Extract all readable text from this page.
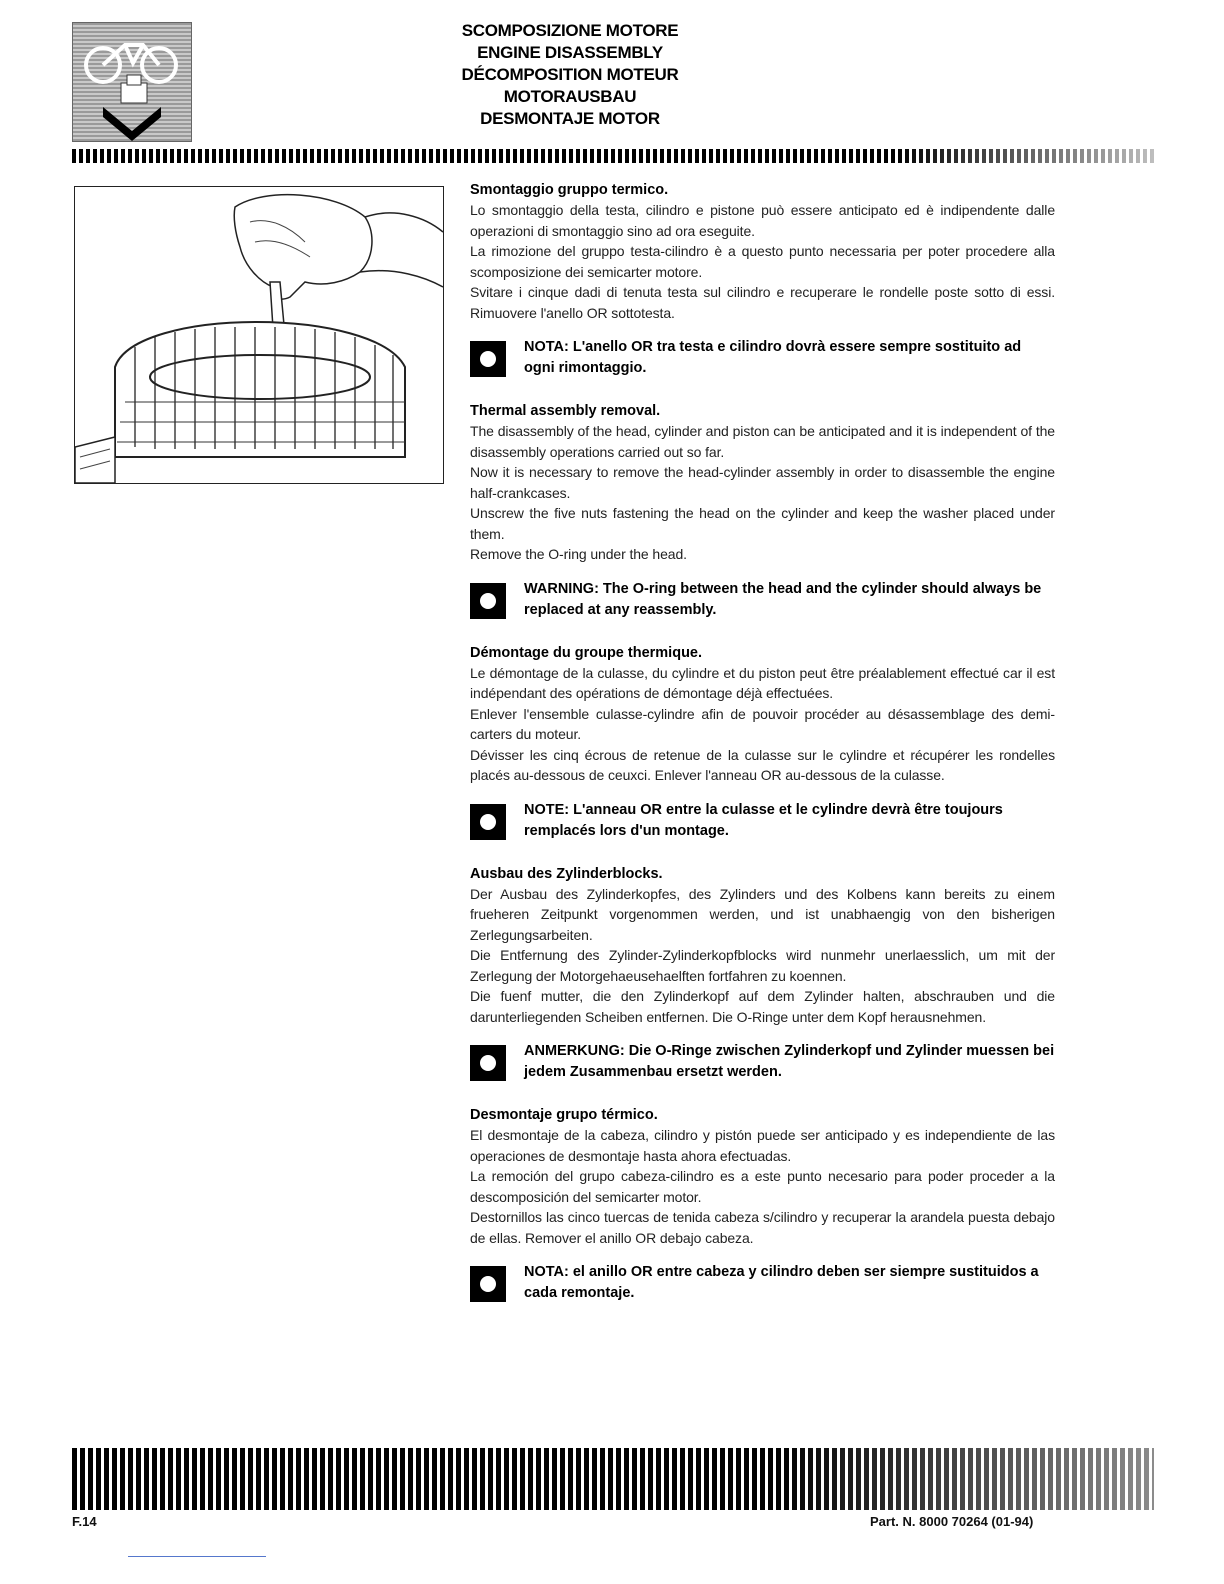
SCOMPOSIZIONE MOTORE
ENGINE DISASSEMBLY
DÉCOMPOSITION MOTEUR
MOTORAUSBAU
DESMONTAJE MOTOR

Smontaggio gruppo termico.

Lo smontaggio della testa, cilindro e pistone può essere anticipato ed è indipendente dalle operazioni di smontaggio sino ad ora eseguite.

La rimozione del gruppo testa-cilindro è a questo punto necessaria per poter procedere alla scomposizione dei semicarter motore.

Svitare i cinque dadi di tenuta testa sul cilindro e recuperare le rondelle poste sotto di essi. Rimuovere l'anello OR sottotesta.

NOTA: L'anello OR tra testa e cilindro dovrà essere sempre sostituito ad ogni rimontaggio.

Thermal assembly removal.

The disassembly of the head, cylinder and piston can be anticipated and it is independent of the disassembly operations carried out so far.

Now it is necessary to remove the head-cylinder assembly in order to disassemble the engine half-crankcases.

Unscrew the five nuts fastening the head on the cylinder and keep the washer placed under them.

Remove the O-ring under the head.

WARNING: The O-ring between the head and the cylinder should always be replaced at any reassembly.

Démontage du groupe thermique.

Le démontage de la culasse, du cylindre et du piston peut être préalablement effectué car il est indépendant des opérations de démontage déjà effectuées.

Enlever l'ensemble culasse-cylindre afin de pouvoir procéder au désassemblage des demi-carters du moteur.

Dévisser les cinq écrous de retenue de la culasse sur le cylindre et récupérer les rondelles placés au-dessous de ceuxci. Enlever l'anneau OR au-dessous de la culasse.

NOTE: L'anneau OR entre la culasse et le cylindre devrà être toujours remplacés lors d'un montage.

Ausbau des Zylinderblocks.

Der Ausbau des Zylinderkopfes, des Zylinders und des Kolbens kann bereits zu einem frueheren Zeitpunkt vorgenommen werden, und ist unabhaengig von den bisherigen Zerlegungsarbeiten.

Die Entfernung des Zylinder-Zylinderkopfblocks wird nunmehr unerlaesslich, um mit der Zerlegung der Motorgehaeusehaelften fortfahren zu koennen.

Die fuenf mutter, die den Zylinderkopf auf dem Zylinder halten, abschrauben und die darunterliegenden Scheiben entfernen. Die O-Ringe unter dem Kopf herausnehmen.

ANMERKUNG: Die O-Ringe zwischen Zylinderkopf und Zylinder muessen bei jedem Zusammenbau ersetzt werden.

Desmontaje grupo térmico.

El desmontaje de la cabeza, cilindro y pistón puede ser anticipado y es independiente de las operaciones de desmontaje hasta ahora efectuadas.

La remoción del grupo cabeza-cilindro es a este punto necesario para poder proceder a la descomposición del semicarter motor.

Destornillos las cinco tuercas de tenida cabeza s/cilindro y recuperar la arandela puesta debajo de ellas. Remover el anillo OR debajo cabeza.

NOTA: el anillo OR entre cabeza y cilindro deben ser siempre sustituidos a cada remontaje.
F.14	Part. N. 8000 70264 (01-94)
